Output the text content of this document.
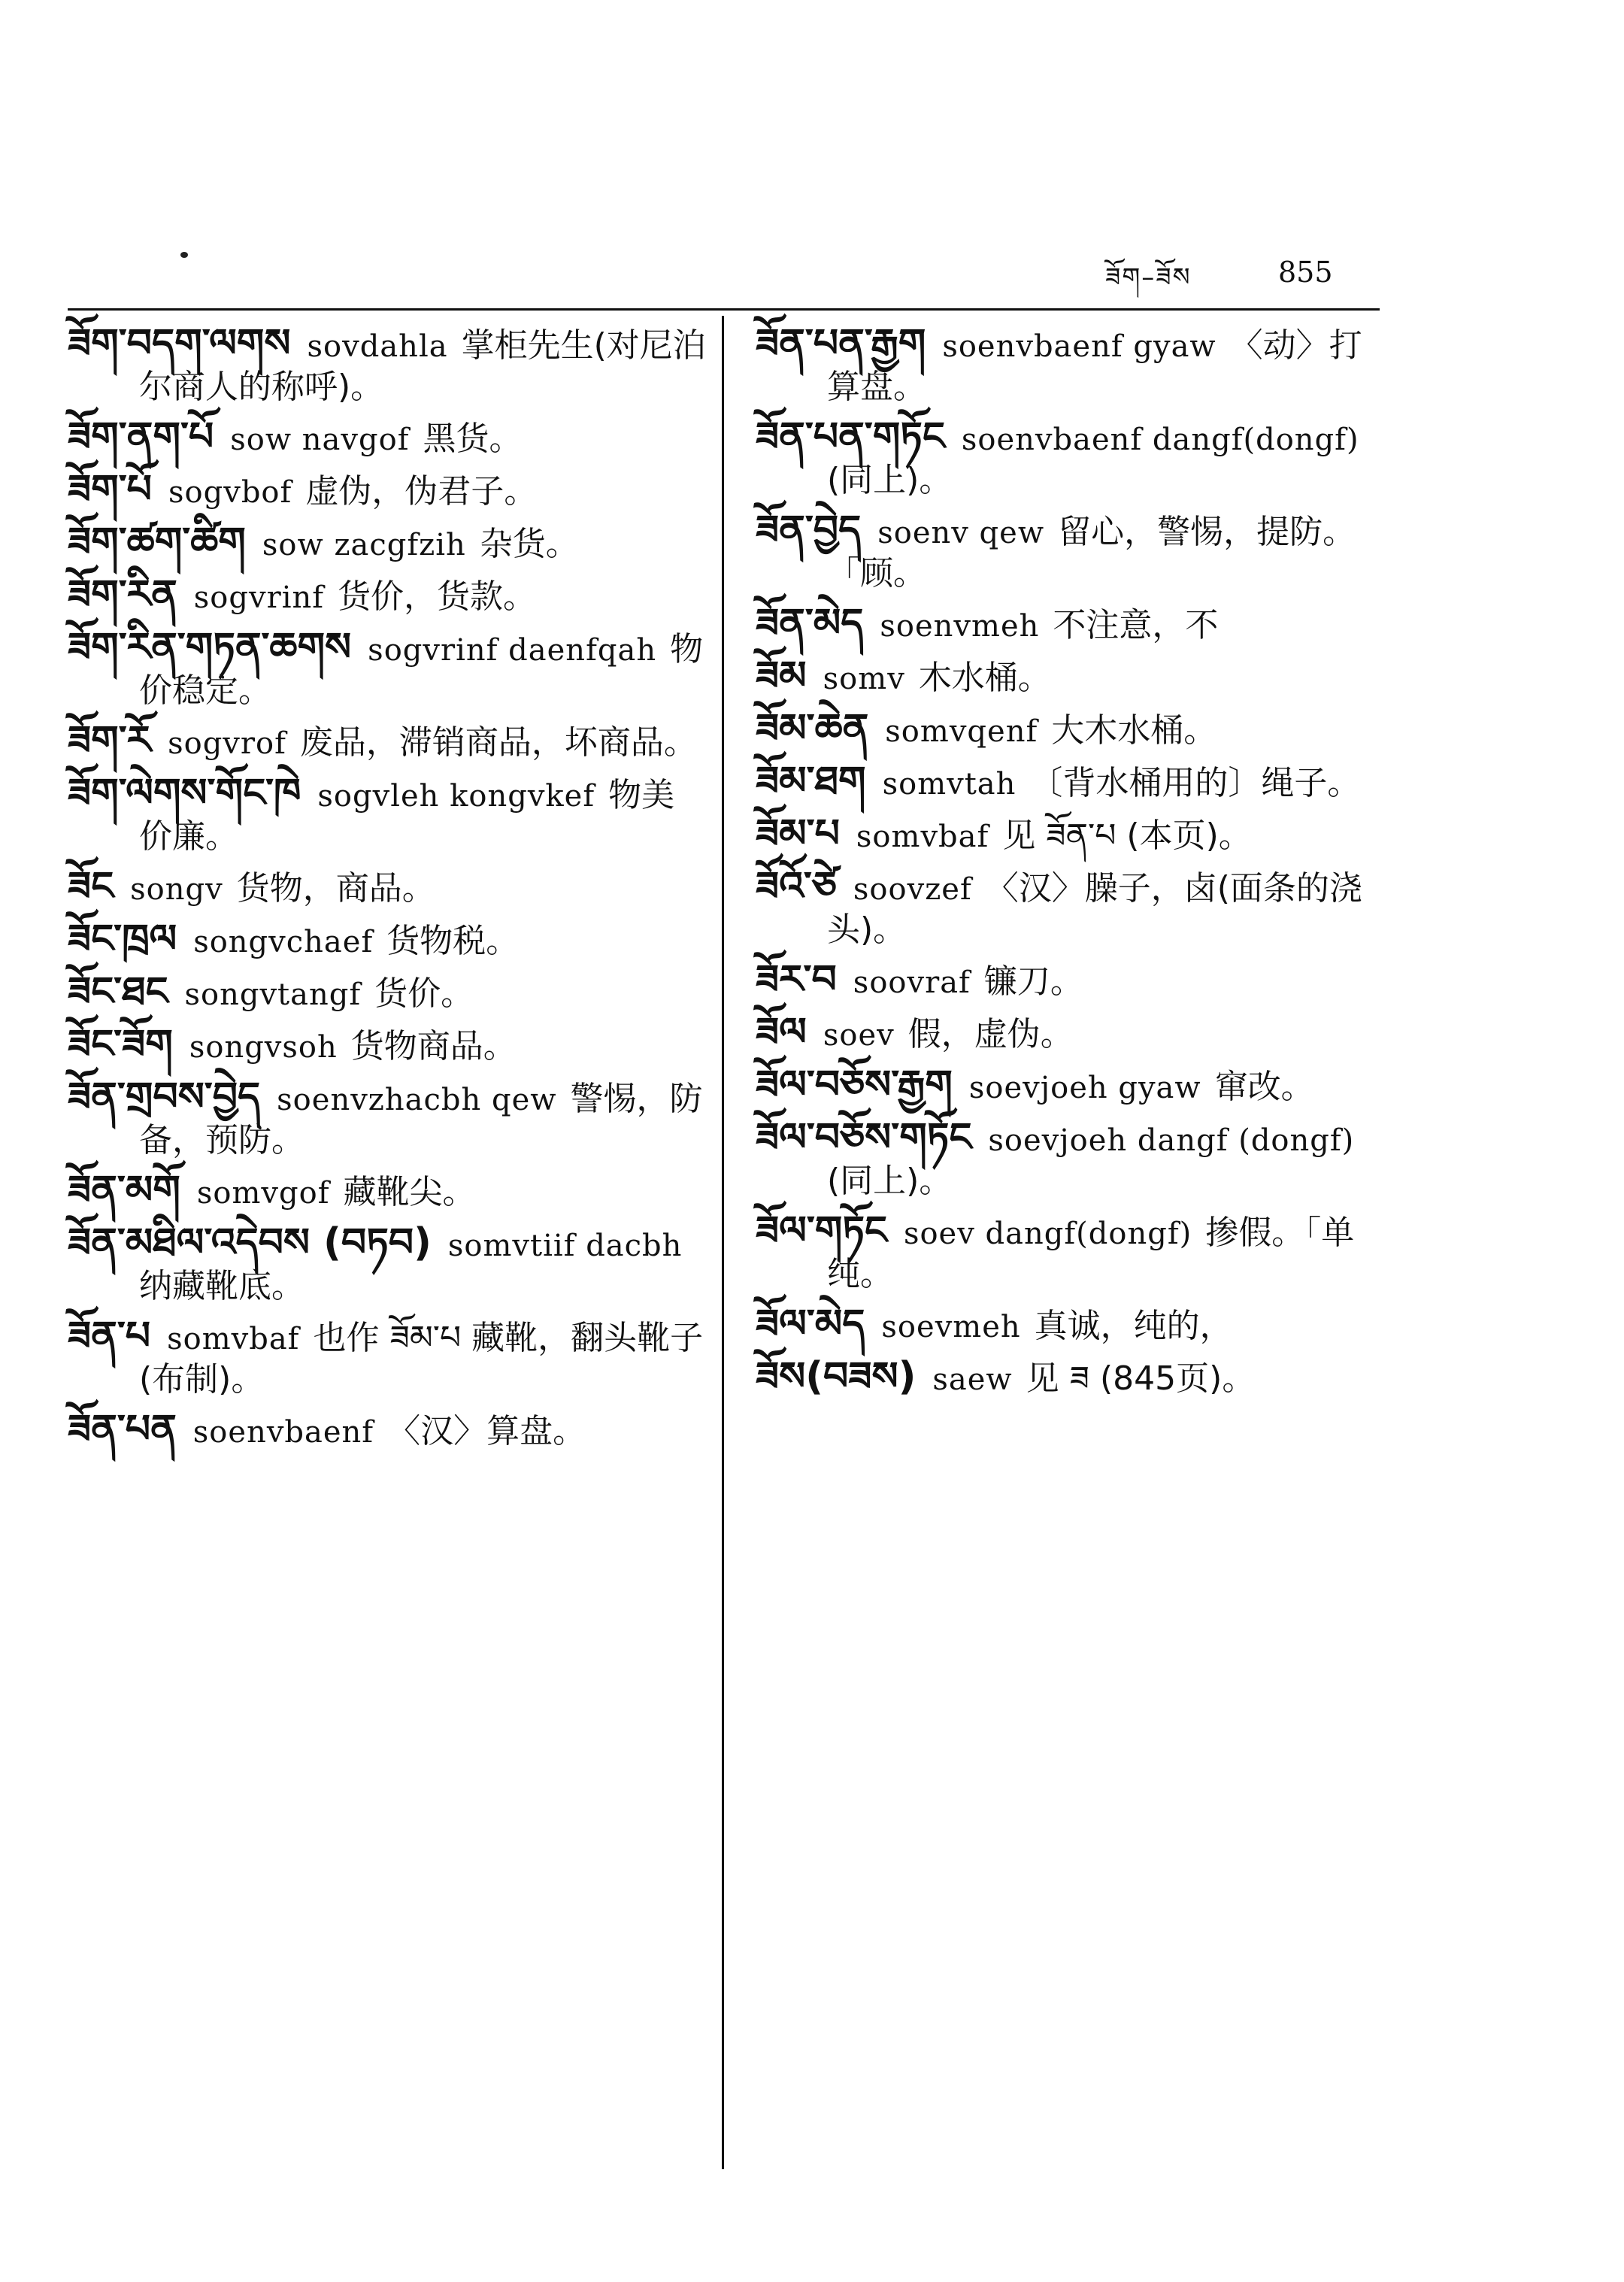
ཟོག–ཟོས	855

ཟོག་བདག་ལགས sovdahla 掌柜先生(对尼泊尔商人的称呼)。

ཟོག་ནག་པོ sow navgof 黑货。

ཟོག་པོ sogvbof 虚伪，伪君子。

ཟོག་ཚག་ཚིག sow zacgfzih 杂货。

ཟོག་རིན sogvrinf 货价，货款。

ཟོག་རིན་གཏན་ཆགས sogvrinf daenfqah 物价稳定。

ཟོག་རོ sogvrof 废品，滞销商品，坏商品。

ཟོག་ལེགས་གོང་ཁེ sogvleh kongvkef 物美价廉。

ཟོང songv 货物，商品。

ཟོང་ཁྲལ songvchaef 货物税。

ཟོང་ཐང songvtangf 货价。

ཟོང་ཟོག songvsoh 货物商品。

ཟོན་གྲབས་བྱེད soenvzhacbh qew 警惕，防备，预防。

ཟོན་མགོ somvgof 藏靴尖。

ཟོན་མཐིལ་འདེབས (བཏབ) somvtiif dacbh纳藏靴底。

ཟོན་པ somvbaf 也作 ཟོམ་པ 藏靴，翻头靴子(布制)。

ཟོན་པན soenvbaenf 〈汉〉算盘。

ཟོན་པན་རྒྱག soenvbaenf gyaw 〈动〉打算盘。

ཟོན་པན་གཏོང soenvbaenf dangf(dongf)(同上)。

ཟོན་བྱེད soenv qew 留心，警惕，提防。「顾。

ཟོན་མེད soenvmeh 不注意，不

ཟོམ somv 木水桶。

ཟོམ་ཆེན somvqenf 大木水桶。

ཟོམ་ཐག somvtah 〔背水桶用的〕绳子。

ཟོམ་པ somvbaf 见 ཟོན་པ (本页)。

ཟོའོ་ཙེ soovzef 〈汉〉臊子，卤(面条的浇头)。

ཟོར་བ soovraf 镰刀。

ཟོལ soev 假，虚伪。

ཟོལ་བཅོས་རྒྱག soevjoeh gyaw 窜改。

ཟོལ་བཅོས་གཏོང soevjoeh dangf (dongf)(同上)。

ཟོལ་གཏོང soev dangf(dongf) 掺假。「单纯。

ཟོལ་མེད soevmeh 真诚，纯的，

ཟོས(བཟས) saew 见 ཟ (845页)。
